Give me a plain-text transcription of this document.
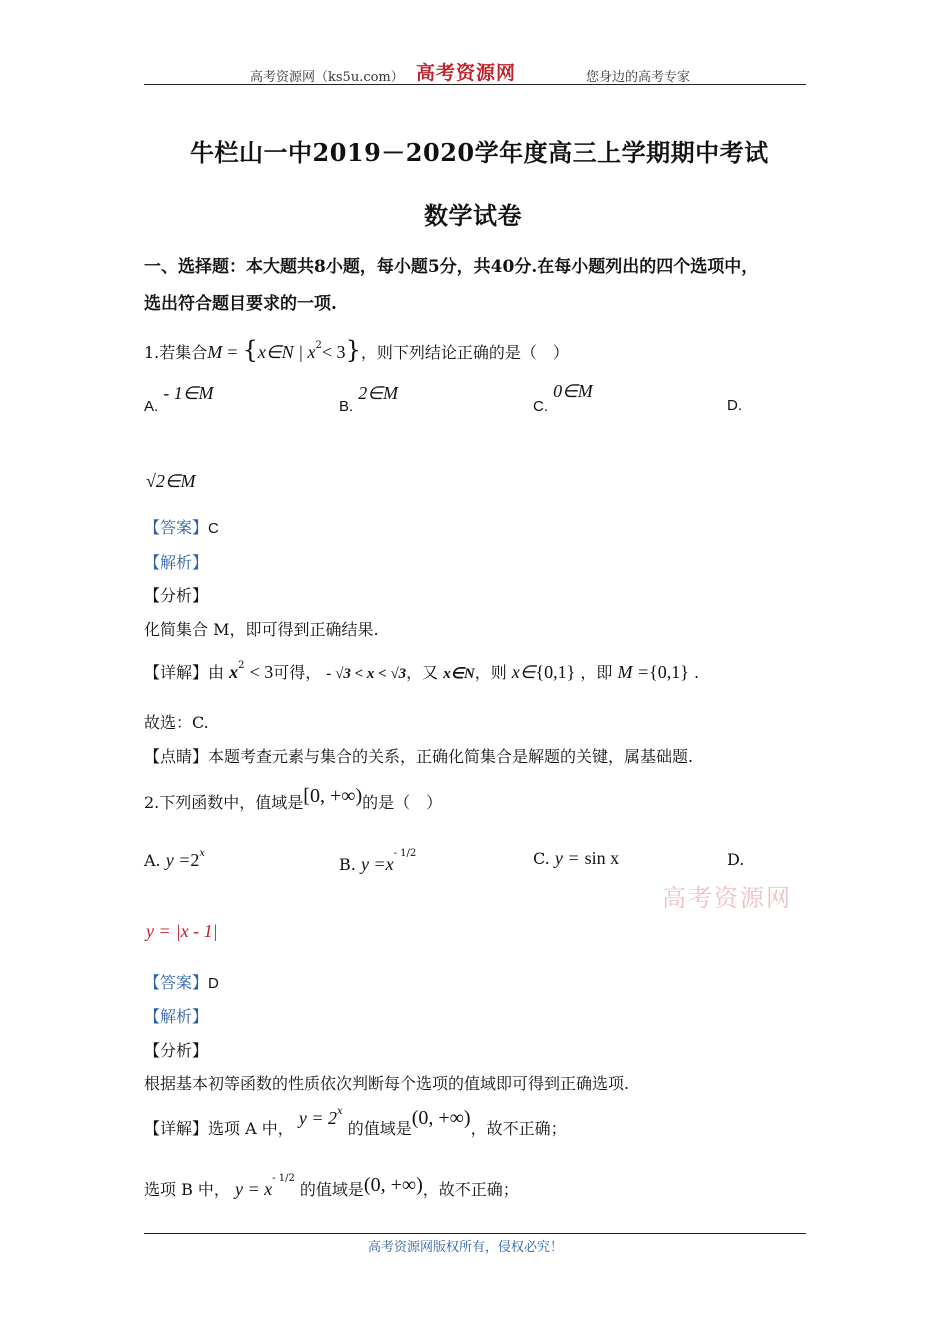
高考资源网（ks5u.com） 高考资源网	您身边的高考专家
牛栏山一中2019－2020学年度高三上学期期中考试
数学试卷
一、选择题：本大题共8小题，每小题5分，共40分.在每小题列出的四个选项中，
选出符合题目要求的一项.
1.若集合M = {x∈N | $x^2< 3$}，则下列结论正确的是（　）
A. - 1∈M
B. 2∈M
C. 0∈M
D.
√2∈M
【答案】C
【解析】
【分析】
化简集合 M，即可得到正确结果.
【详解】由 $x^2 < 3$可得， - √3 < x < √3，又 x∈N，则 x∈{0,1} ，即 M ={0,1} .
故选：C.
【点睛】本题考查元素与集合的关系，正确化简集合是解题的关键，属基础题.
2.下列函数中，值域是[0, +∞)的是（　）
A. $y =2^x$
B. $y =x^{- 1/2}$	C. y = sin x	D.
高考资源网
y = |x - 1|
【答案】D
【解析】
【分析】
根据基本初等函数的性质依次判断每个选项的值域即可得到正确选项.
【详解】选项 A 中， $y = 2^x$ 的值域是(0, +∞)，故不正确；
选项 B 中， $y = x^{- 1/2}$ 的值域是(0, +∞)，故不正确；
高考资源网版权所有，侵权必究！
